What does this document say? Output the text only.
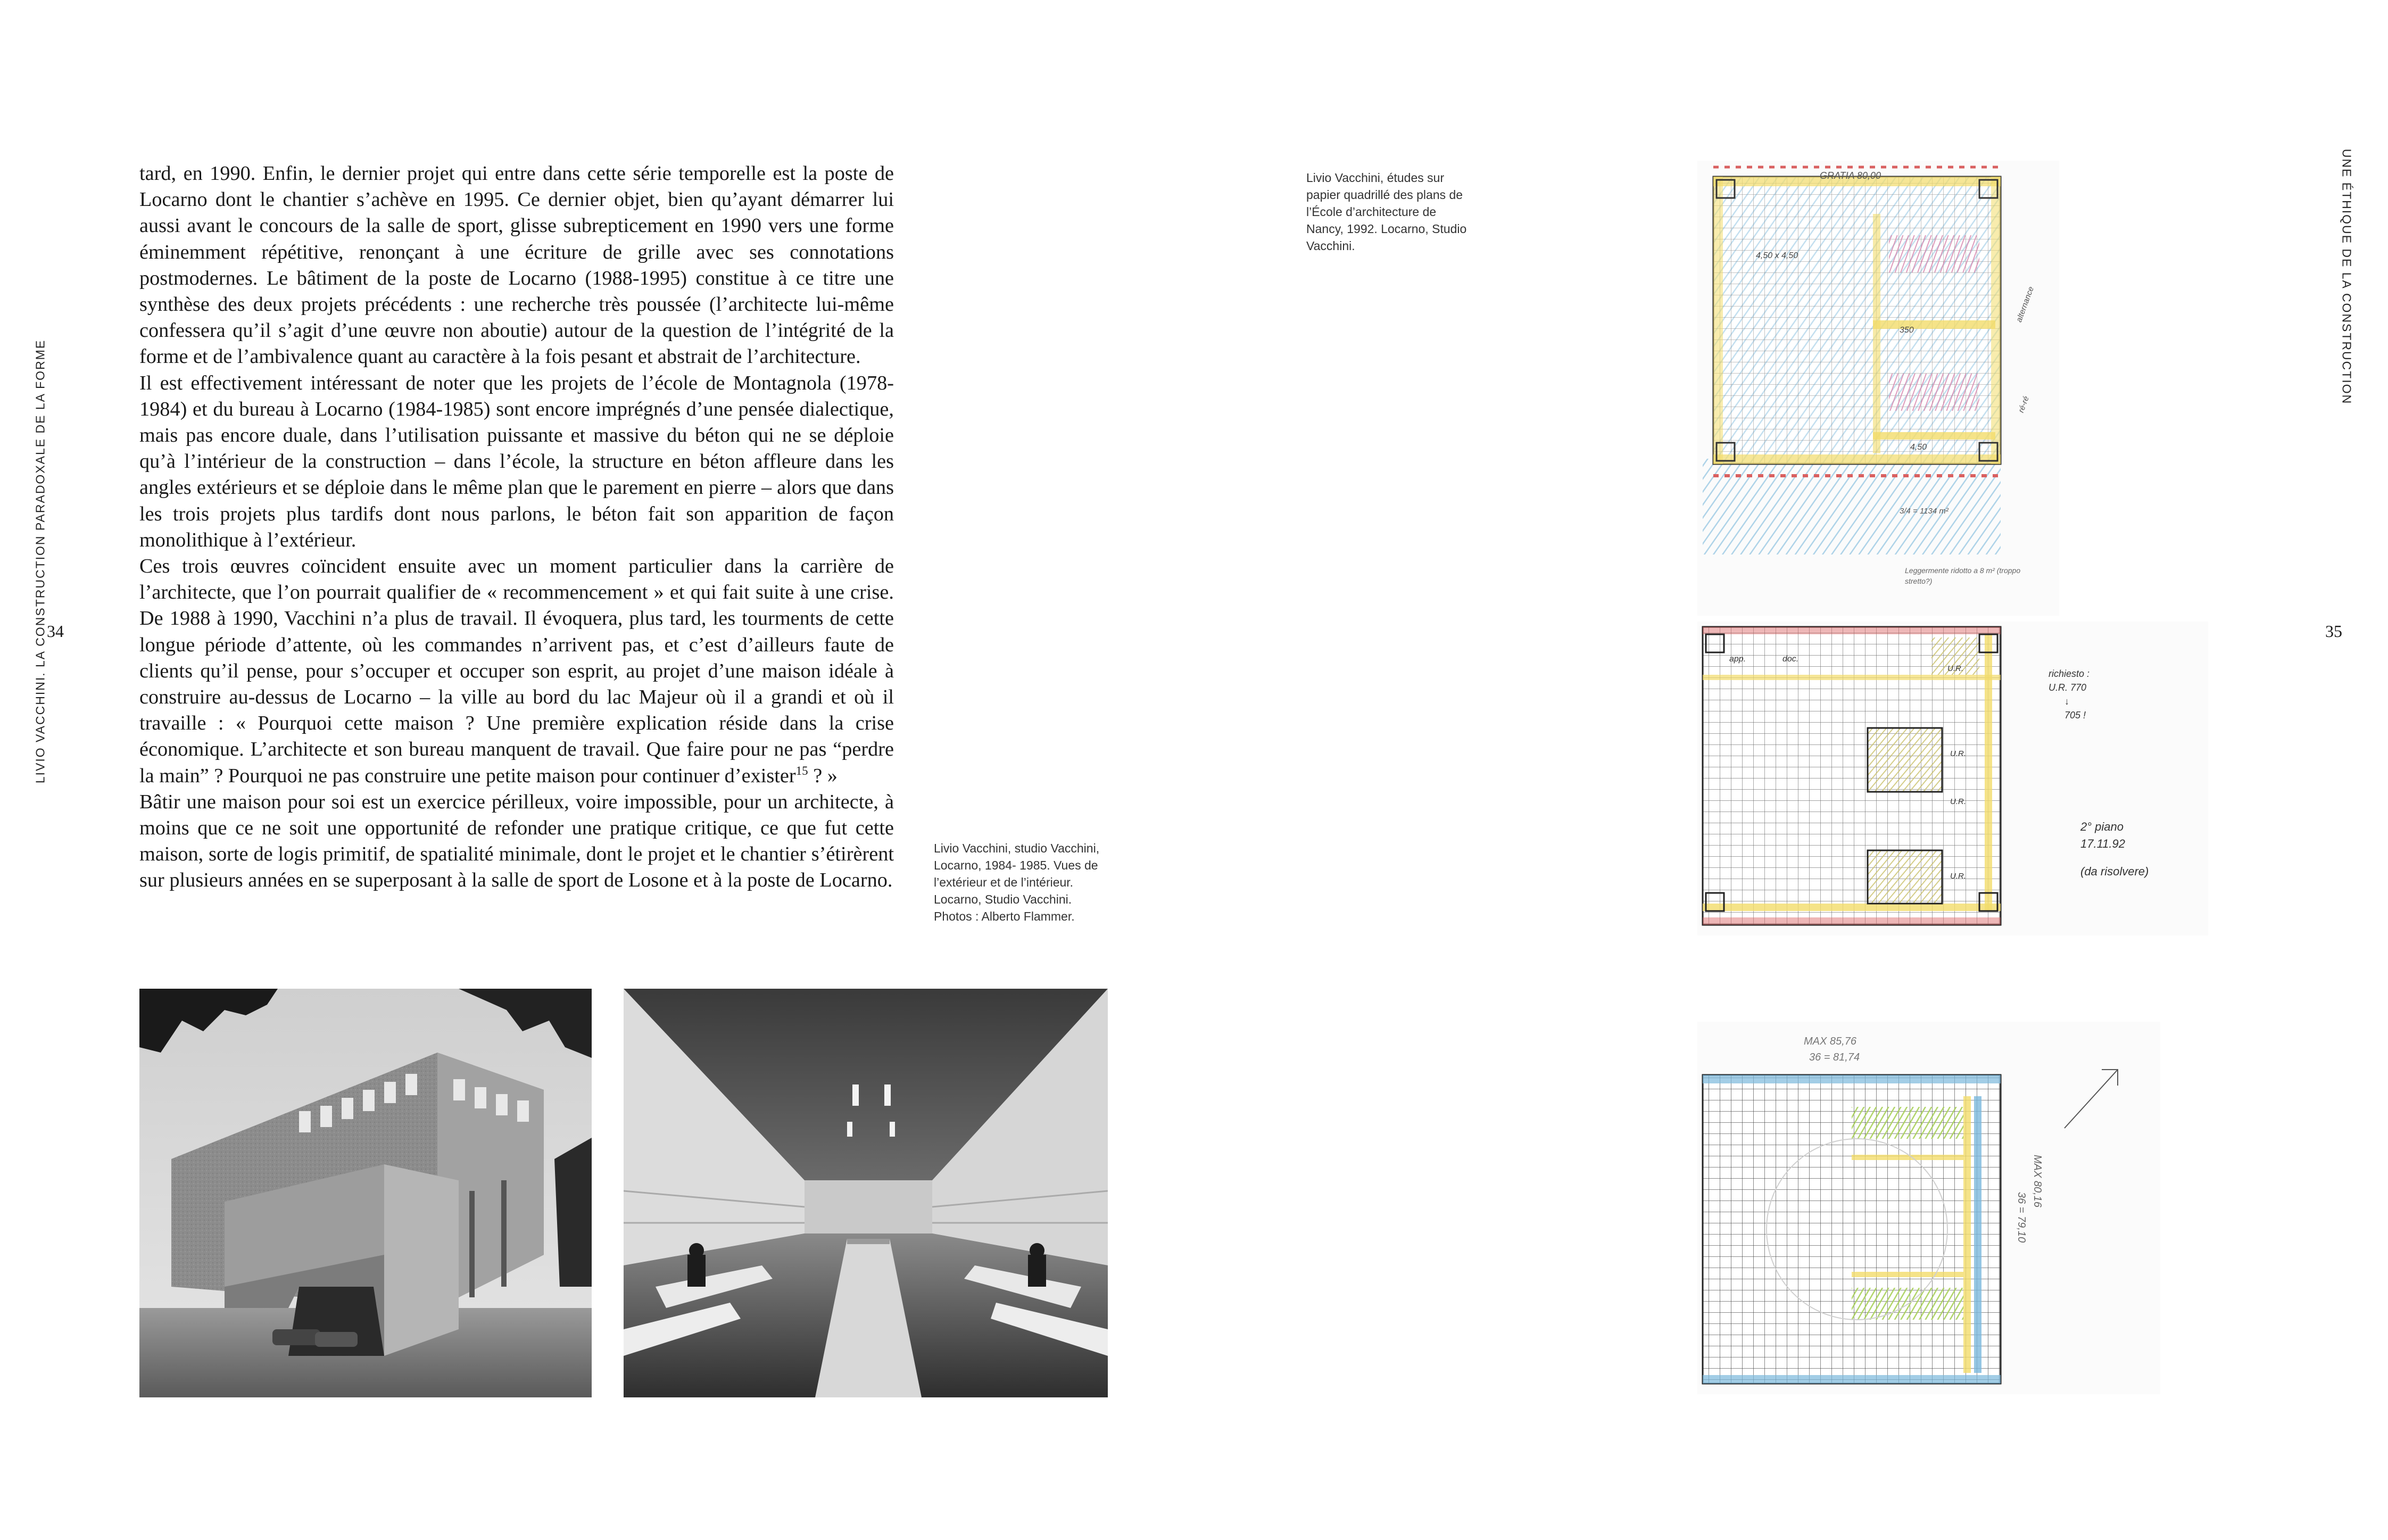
LIVIO VACCHINI. LA CONSTRUCTION PARADOXALE DE LA FORME
UNE ÉTHIQUE DE LA CONSTRUCTION
34	35

tard, en 1990. Enfin, le dernier projet qui entre dans cette série temporelle est la poste de Locarno dont le chantier s’achève en 1995. Ce dernier objet, bien qu’ayant démarrer lui aussi avant le concours de la salle de sport, glisse subrepticement en 1990 vers une forme éminemment répétitive, renonçant à une écriture de grille avec ses connotations postmodernes. Le bâtiment de la poste de Locarno (1988-1995) constitue à ce titre une synthèse des deux projets précédents : une recherche très poussée (l’architecte lui-même confessera qu’il s’agit d’une œuvre non aboutie) autour de la question de l’intégrité de la forme et de l’ambivalence quant au caractère à la fois pesant et abstrait de l’architecture.

Il est effectivement intéressant de noter que les projets de l’école de Montagnola (1978-1984) et du bureau à Locarno (1984-1985) sont encore imprégnés d’une pensée dialectique, mais pas encore duale, dans l’utilisation puissante et massive du béton qui ne se déploie qu’à l’intérieur de la construction – dans l’école, la structure en béton affleure dans les angles extérieurs et se déploie dans le même plan que le parement en pierre – alors que dans les trois projets plus tardifs dont nous parlons, le béton fait son apparition de façon monolithique à l’extérieur.

Ces trois œuvres coïncident ensuite avec un moment particulier dans la carrière de l’architecte, que l’on pourrait qualifier de « recommencement » et qui fait suite à une crise. De 1988 à 1990, Vacchini n’a plus de travail. Il évoquera, plus tard, les tourments de cette longue période d’attente, où les commandes n’arrivent pas, et c’est d’ailleurs faute de clients qu’il pense, pour s’occuper et occuper son esprit, au projet d’une maison idéale à construire au-dessus de Locarno – la ville au bord du lac Majeur où il a grandi et où il travaille : « Pourquoi cette maison ? Une première explication réside dans la crise économique. L’architecte et son bureau manquent de travail. Que faire pour ne pas “perdre la main” ? Pourquoi ne pas construire une petite maison pour continuer d’exister$^{15}$ ? »

Bâtir une maison pour soi est un exercice périlleux, voire impossible, pour un architecte, à moins que ce ne soit une opportunité de refonder une pratique critique, ce que fut cette maison, sorte de logis primitif, de spatialité minimale, dont le projet et le chantier s’étirèrent sur plusieurs années en se superposant à la salle de sport de Losone et à la poste de Locarno.

Livio Vacchini, studio Vacchini, Locarno, 1984- 1985. Vues de l’extérieur et de l’intérieur. Locarno, Studio Vacchini. Photos : Alberto Flammer.
Livio Vacchini, études sur papier quadrillé des plans de l’École d’architecture de Nancy, 1992. Locarno, Studio Vacchini.
GRATIA 80,00
4,50 x 4,50
350
4,50
alternance
ré-ré
3/4 = 1134 m²
Leggermente ridotto a 8 m² (troppo stretto?)
app.	doc.
U.R.
U.R.
U.R.
U.R.
richiesto :
U.R. 770
↓
705 !
2° piano
17.11.92
(da risolvere)
MAX 85,76
36 = 81,74
MAX 80,16
36 = 79,10
